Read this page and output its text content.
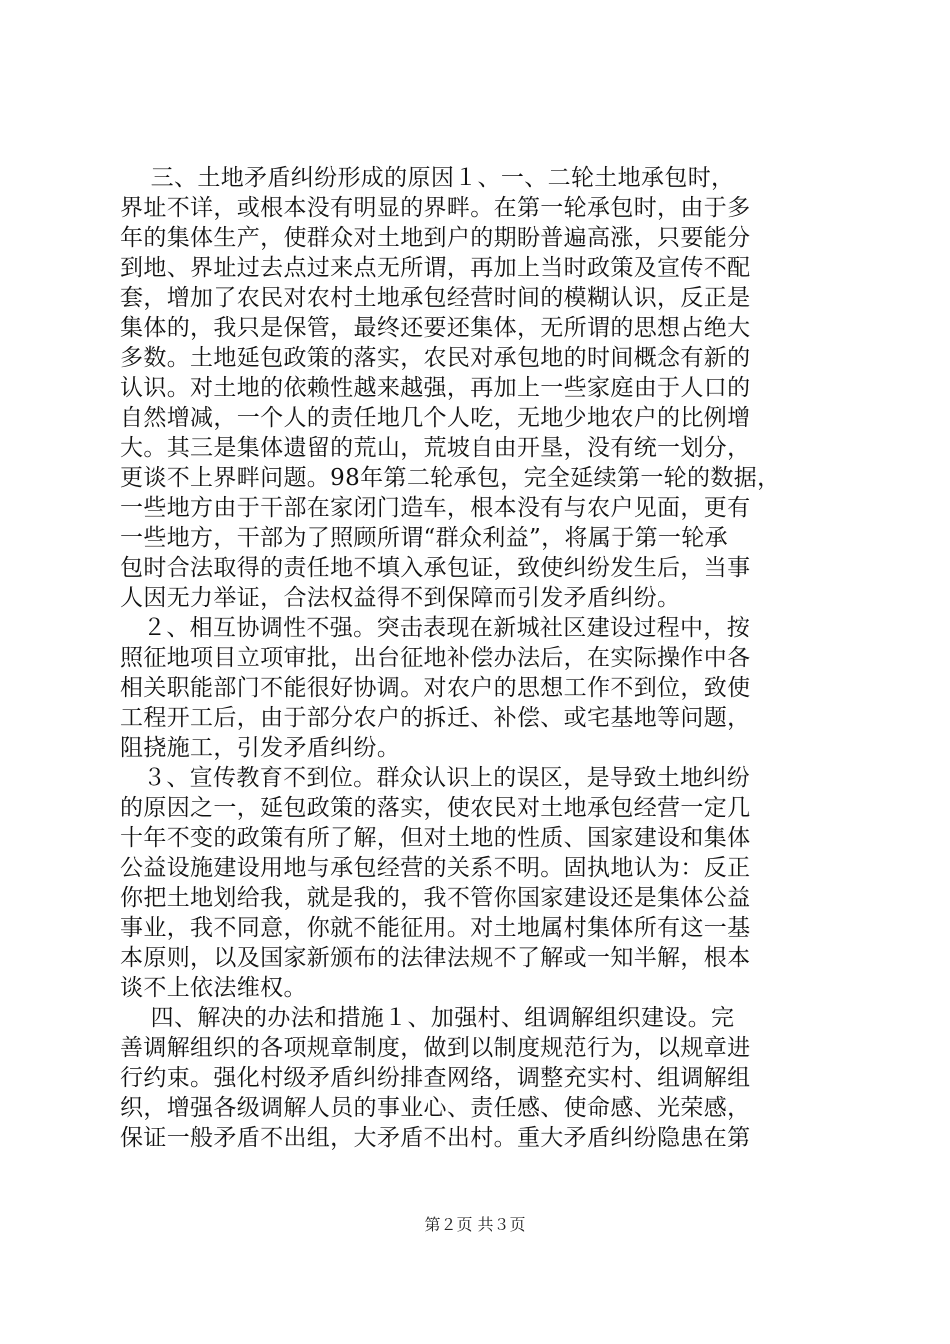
三、土地矛盾纠纷形成的原因１、一、二轮土地承包时，
界址不详，或根本没有明显的界畔。在第一轮承包时，由于多
年的集体生产，使群众对土地到户的期盼普遍高涨，只要能分
到地、界址过去点过来点无所谓，再加上当时政策及宣传不配
套，增加了农民对农村土地承包经营时间的模糊认识，反正是
集体的，我只是保管，最终还要还集体，无所谓的思想占绝大
多数。土地延包政策的落实，农民对承包地的时间概念有新的
认识。对土地的依赖性越来越强，再加上一些家庭由于人口的
自然增减，一个人的责任地几个人吃，无地少地农户的比例增
大。其三是集体遗留的荒山，荒坡自由开垦，没有统一划分，
更谈不上界畔问题。98年第二轮承包，完全延续第一轮的数据，
一些地方由于干部在家闭门造车，根本没有与农户见面，更有
一些地方，干部为了照顾所谓“群众利益”，将属于第一轮承
包时合法取得的责任地不填入承包证，致使纠纷发生后，当事
人因无力举证，合法权益得不到保障而引发矛盾纠纷。
２、相互协调性不强。突击表现在新城社区建设过程中，按
照征地项目立项审批，出台征地补偿办法后，在实际操作中各
相关职能部门不能很好协调。对农户的思想工作不到位，致使
工程开工后，由于部分农户的拆迁、补偿、或宅基地等问题，
阻挠施工，引发矛盾纠纷。
３、宣传教育不到位。群众认识上的误区，是导致土地纠纷
的原因之一，延包政策的落实，使农民对土地承包经营一定几
十年不变的政策有所了解，但对土地的性质、国家建设和集体
公益设施建设用地与承包经营的关系不明。固执地认为：反正
你把土地划给我，就是我的，我不管你国家建设还是集体公益
事业，我不同意，你就不能征用。对土地属村集体所有这一基
本原则，以及国家新颁布的法律法规不了解或一知半解，根本
谈不上依法维权。
四、解决的办法和措施１、加强村、组调解组织建设。完
善调解组织的各项规章制度，做到以制度规范行为，以规章进
行约束。强化村级矛盾纠纷排查网络，调整充实村、组调解组
织，增强各级调解人员的事业心、责任感、使命感、光荣感，
保证一般矛盾不出组，大矛盾不出村。重大矛盾纠纷隐患在第
第２页 共３页
